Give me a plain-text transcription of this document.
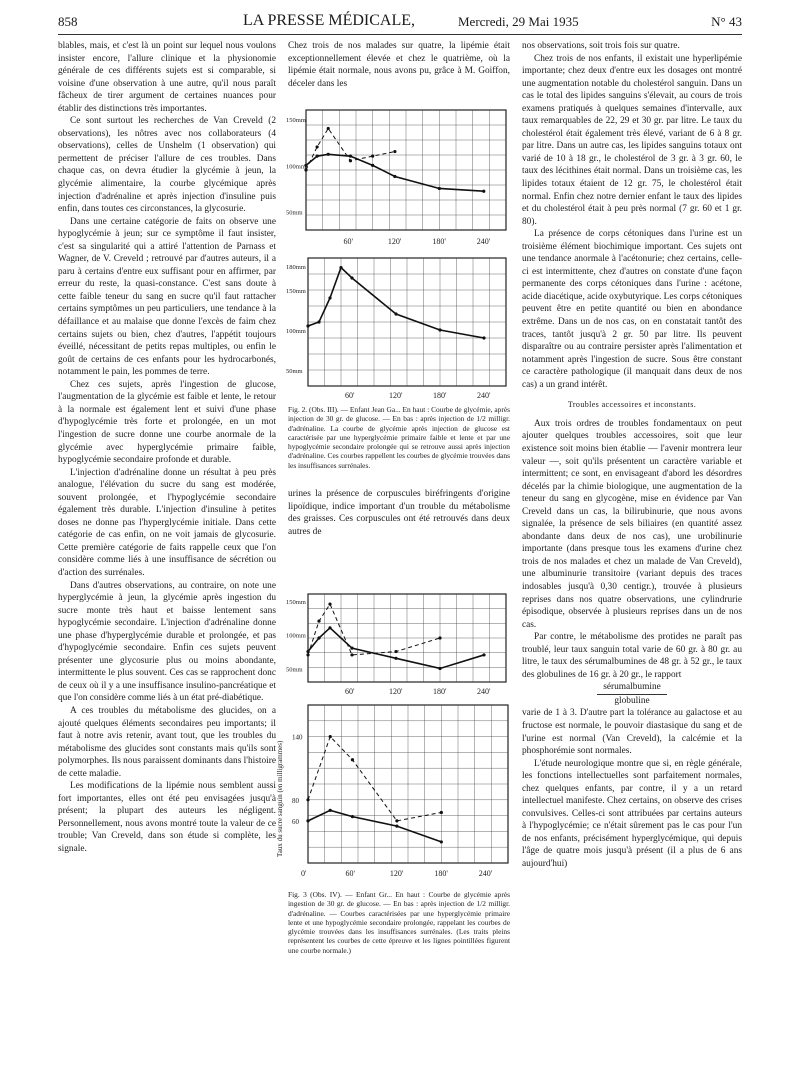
858	LA PRESSE MÉDICALE,	Mercredi, 29 Mai 1935	N° 43

blables, mais, et c'est là un point sur lequel nous voulons insister encore, l'allure clinique et la physionomie générale de ces différents sujets est si comparable, si voisine d'une observation à une autre, qu'il nous paraît fâcheux de tirer argument de certaines nuances pour établir des distinctions très importantes.

Ce sont surtout les recherches de Van Creveld (2 observations), les nôtres avec nos collaborateurs (4 observations), celles de Unshelm (1 observation) qui permettent de préciser l'allure de ces troubles. Dans chaque cas, on devra étudier la glycémie à jeun, la glycémie alimentaire, la courbe glycémique après injection d'adrénaline et après injection d'insuline puis enfin, dans toutes ces circonstances, la glycosurie.

Dans une certaine catégorie de faits on observe une hypoglycémie à jeun; sur ce symptôme il faut insister, c'est sa singularité qui a attiré l'attention de Parnass et Wagner, de V. Creveld ; retrouvé par d'autres auteurs, il a paru à certains d'entre eux suffisant pour en affirmer, par erreur du reste, la quasi-constance. C'est sans doute à cette faible teneur du sang en sucre qu'il faut rattacher certains symptômes un peu particuliers, une tendance à la défaillance et au malaise que donne l'excès de faim chez certains sujets ou bien, chez d'autres, l'appétit toujours éveillé, nécessitant de petits repas multiples, ou enfin le goût de certains de ces enfants pour les hydrocarbonés, notamment le pain, les pommes de terre.

Chez ces sujets, après l'ingestion de glucose, l'augmentation de la glycémie est faible et lente, le retour à la normale est également lent et suivi d'une phase d'hypoglycémie très forte et prolongée, en un mot l'ingestion de sucre donne une courbe anormale de la glycémie avec hyperglycémie primaire faible, hypoglycémie secondaire profonde et durable.

L'injection d'adrénaline donne un résultat à peu près analogue, l'élévation du sucre du sang est modérée, souvent prolongée, et l'hypoglycémie secondaire également très durable. L'injection d'insuline à petites doses ne donne pas l'hyperglycémie initiale. Dans cette catégorie de cas enfin, on ne voit jamais de glycosurie. Cette première catégorie de faits rappelle ceux que l'on considère comme liés à une insuffisance de sécrétion ou d'action des surrénales.

Dans d'autres observations, au contraire, on note une hyperglycémie à jeun, la glycémie après ingestion du sucre monte très haut et baisse lentement sans hypoglycémie secondaire. L'injection d'adrénaline donne une phase d'hyperglycémie durable et prolongée, et pas d'hypoglycémie secondaire. Enfin ces sujets peuvent présenter une glycosurie plus ou moins abondante, intermittente le plus souvent. Ces cas se rapprochent donc de ceux où il y a une insuffisance insulino-pancréatique et que l'on considère comme liés à un état pré-diabétique.

A ces troubles du métabolisme des glucides, on a ajouté quelques éléments secondaires peu importants; il faut à notre avis retenir, avant tout, que les troubles du métabolisme des glucides sont constants mais qu'ils sont polymorphes. Ils nous paraissent dominants dans l'histoire de cette maladie.

Les modifications de la lipémie nous semblent aussi fort importantes, elles ont été peu envisagées jusqu'à présent; la plupart des auteurs les négligent. Personnellement, nous avons montré toute la valeur de ce trouble; Van Creveld, dans son étude si complète, les signale.

Chez trois de nos malades sur quatre, la lipémie était exceptionnellement élevée et chez le quatrième, où la lipémie était normale, nous avons pu, grâce à M. Goiffon, déceler dans les

150mm
100mm
50mm
60'	120'	180'	240'
180mm
150mm
100mm
50mm
60'	120'	180'	240'

Fig. 2. (Obs. III). — Enfant Jean Ga... En haut : Courbe de glycémie, après injection de 30 gr. de glucose. — En bas : après injection de 1/2 milligr. d'adrénaline. La courbe de glycémie après injection de glucose est caractérisée par une hyperglycémie primaire faible et lente et par une hypoglycémie secondaire prolongée qui se retrouve aussi après injection d'adrénaline. Ces courbes rappellent les courbes de glycémie trouvées dans les insuffisances surrénales.

urines la présence de corpuscules biréfringents d'origine lipoïdique, indice important d'un trouble du métabolisme des graisses. Ces corpuscules ont été retrouvés dans deux autres de

150mm
100mm
50mm
60'	120'	180'	240'
140
80
60
0'	60'	120'	180'	240'
Taux du sucre sanguin (en milligrammes)

Fig. 3 (Obs. IV). — Enfant Gr... En haut : Courbe de glycémie après ingestion de 30 gr. de glucose. — En bas : après injection de 1/2 milligr. d'adrénaline. — Courbes caractérisées par une hyperglycémie primaire lente et une hypoglycémie secondaire prolongée, rappelant les courbes de glycémie trouvées dans les insuffisances surrénales. (Les traits pleins représentent les courbes de cette épreuve et les lignes pointillées figurent une courbe normale.)

nos observations, soit trois fois sur quatre.

Chez trois de nos enfants, il existait une hyperlipémie importante; chez deux d'entre eux les dosages ont montré une augmentation notable du cholestérol sanguin. Dans un cas le total des lipides sanguins s'élevait, au cours de trois examens pratiqués à quelques semaines d'intervalle, aux taux remarquables de 22, 29 et 30 gr. par litre. Le taux du cholestérol était également très élevé, variant de 6 à 8 gr. par litre. Dans un autre cas, les lipides sanguins totaux ont varié de 10 à 18 gr., le cholestérol de 3 gr. à 3 gr. 60, le taux des lécithines était normal. Dans un troisième cas, les lipides totaux étaient de 12 gr. 75, le cholestérol était normal. Enfin chez notre dernier enfant le taux des lipides et du cholestérol était à peu près normal (7 gr. 60 et 1 gr. 80).

La présence de corps cétoniques dans l'urine est un troisième élément biochimique important. Ces sujets ont une tendance anormale à l'acétonurie; chez certains, celle-ci est intermittente, chez d'autres on constate d'une façon permanente des corps cétoniques dans l'urine : acétone, acide diacétique, acide oxybutyrique. Les corps cétoniques peuvent être en petite quantité ou bien en abondance extrême. Dans un de nos cas, on en constatait tantôt des traces, tantôt jusqu'à 2 gr. 50 par litre. Ils peuvent disparaître ou au contraire persister après l'alimentation et notamment après l'ingestion de sucre. Sous être constant ce caractère pathologique (il manquait dans deux de nos cas) a un grand intérêt.

Troubles accessoires et inconstants.

Aux trois ordres de troubles fondamentaux on peut ajouter quelques troubles accessoires, soit que leur existence soit moins bien établie — l'avenir montrera leur valeur —, soit qu'ils présentent un caractère variable et intermittent; ce sont, en envisageant d'abord les désordres décelés par la chimie biologique, une augmentation de la teneur du sang en glycogène, mise en évidence par Van Creveld dans un cas, la bilirubinurie, que nous avons signalée, la présence de sels biliaires (en quantité assez abondante dans deux de nos cas), une urobilinurie importante (dans presque tous les examens d'urine chez trois de nos malades et chez un malade de Van Creveld), une albuminurie transitoire (variant depuis des traces indosables jusqu'à 0,30 centigr.), trouvée à plusieurs reprises dans nos quatre observations, une cylindrurie épisodique, observée à plusieurs reprises dans un de nos cas.

Par contre, le métabolisme des protides ne paraît pas troublé, leur taux sanguin total varie de 60 gr. à 80 gr. au litre, le taux des sérumalbumines de 48 gr. à 52 gr., le taux des globulines de 16 gr. à 20 gr., le rapport

sérumalbumine
globuline

varie de 1 à 3. D'autre part la tolérance au galactose et au fructose est normale, le pouvoir diastasique du sang et de l'urine est normal (Van Creveld), la calcémie et la phosphorémie sont normales.

L'étude neurologique montre que si, en règle générale, les fonctions intellectuelles sont parfaitement normales, chez quelques enfants, par contre, il y a un retard intellectuel manifeste. Chez certains, on observe des crises convulsives. Celles-ci sont attribuées par certains auteurs à l'hypoglycémie; ce n'était sûrement pas le cas pour l'un de nos enfants, précisément hyperglycémique, qui depuis l'âge de quatre mois jusqu'à présent (il a plus de 6 ans aujourd'hui)
